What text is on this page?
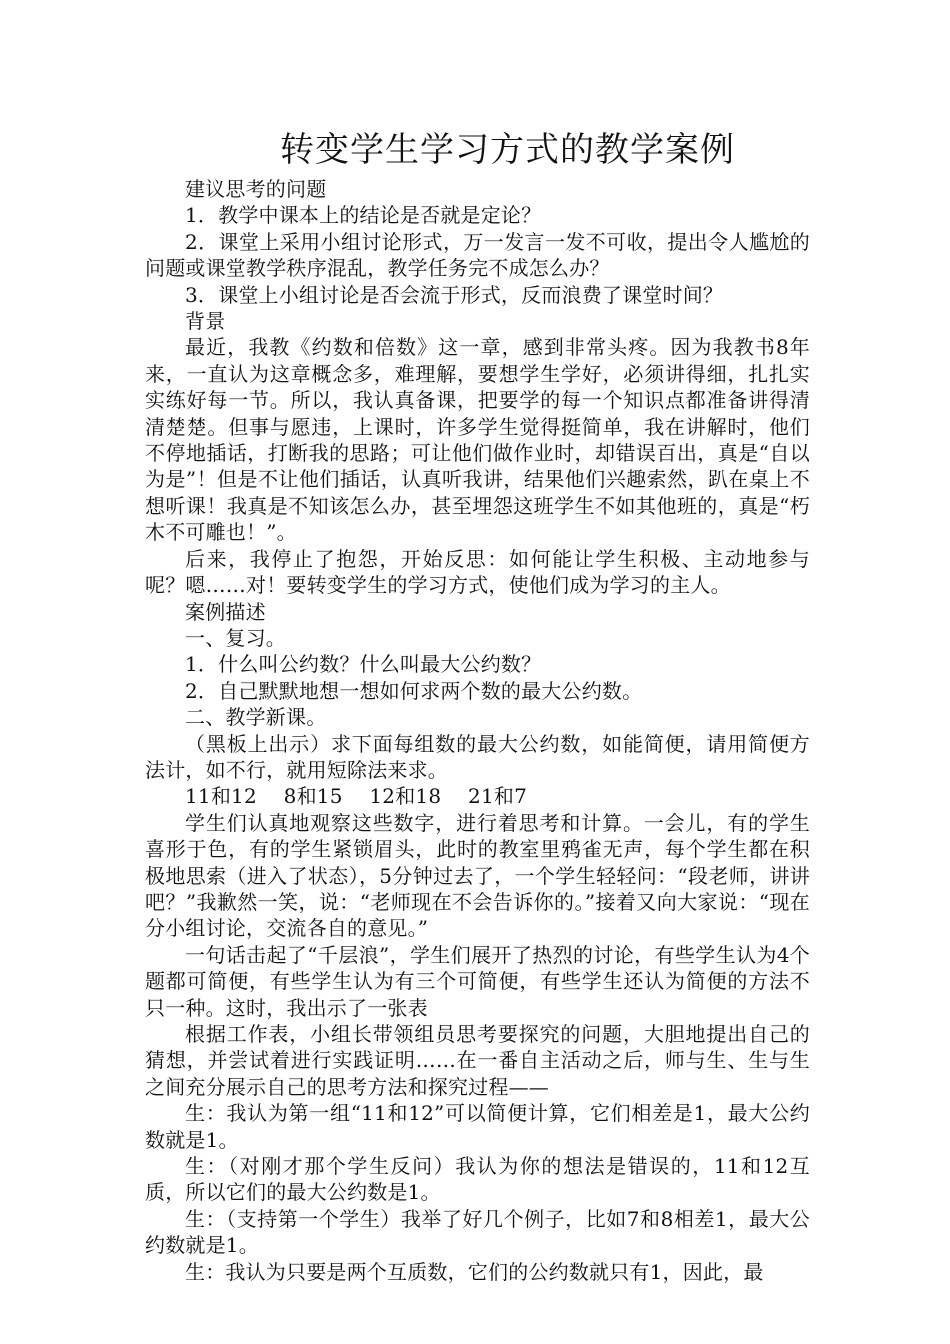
转变学生学习方式的教学案例

建议思考的问题

1．教学中课本上的结论是否就是定论？

2．课堂上采用小组讨论形式，万一发言一发不可收，提出令人尴尬的问题或课堂教学秩序混乱，教学任务完不成怎么办？

3．课堂上小组讨论是否会流于形式，反而浪费了课堂时间？

背景

最近，我教《约数和倍数》这一章，感到非常头疼。因为我教书8年来，一直认为这章概念多，难理解，要想学生学好，必须讲得细，扎扎实实练好每一节。所以，我认真备课，把要学的每一个知识点都准备讲得清清楚楚。但事与愿违，上课时，许多学生觉得挺简单，我在讲解时，他们不停地插话，打断我的思路；可让他们做作业时，却错误百出，真是“自以为是”！但是不让他们插话，认真听我讲，结果他们兴趣索然，趴在桌上不想听课！我真是不知该怎么办，甚至埋怨这班学生不如其他班的，真是“朽木不可雕也！”。

后来，我停止了抱怨，开始反思：如何能让学生积极、主动地参与呢？嗯……对！要转变学生的学习方式，使他们成为学习的主人。

案例描述

一、复习。

1．什么叫公约数？什么叫最大公约数？

2．自己默默地想一想如何求两个数的最大公约数。

二、教学新课。

（黑板上出示）求下面每组数的最大公约数，如能简便，请用简便方法计，如不行，就用短除法来求。

11和12　 8和15　 12和18　 21和7

学生们认真地观察这些数字，进行着思考和计算。一会儿，有的学生喜形于色，有的学生紧锁眉头，此时的教室里鸦雀无声，每个学生都在积极地思索（进入了状态），5分钟过去了，一个学生轻轻问：“段老师，讲讲吧？”我歉然一笑，说：“老师现在不会告诉你的。”接着又向大家说：“现在分小组讨论，交流各自的意见。”

一句话击起了“千层浪”，学生们展开了热烈的讨论，有些学生认为4个题都可简便，有些学生认为有三个可简便，有些学生还认为简便的方法不只一种。这时，我出示了一张表

根据工作表，小组长带领组员思考要探究的问题，大胆地提出自己的猜想，并尝试着进行实践证明……在一番自主活动之后，师与生、生与生之间充分展示自己的思考方法和探究过程——

生：我认为第一组“11和12”可以简便计算，它们相差是1，最大公约数就是1。

生：（对刚才那个学生反问）我认为你的想法是错误的，11和12互质，所以它们的最大公约数是1。

生：（支持第一个学生）我举了好几个例子，比如7和8相差1，最大公约数就是1。

生：我认为只要是两个互质数，它们的公约数就只有1，因此，最
